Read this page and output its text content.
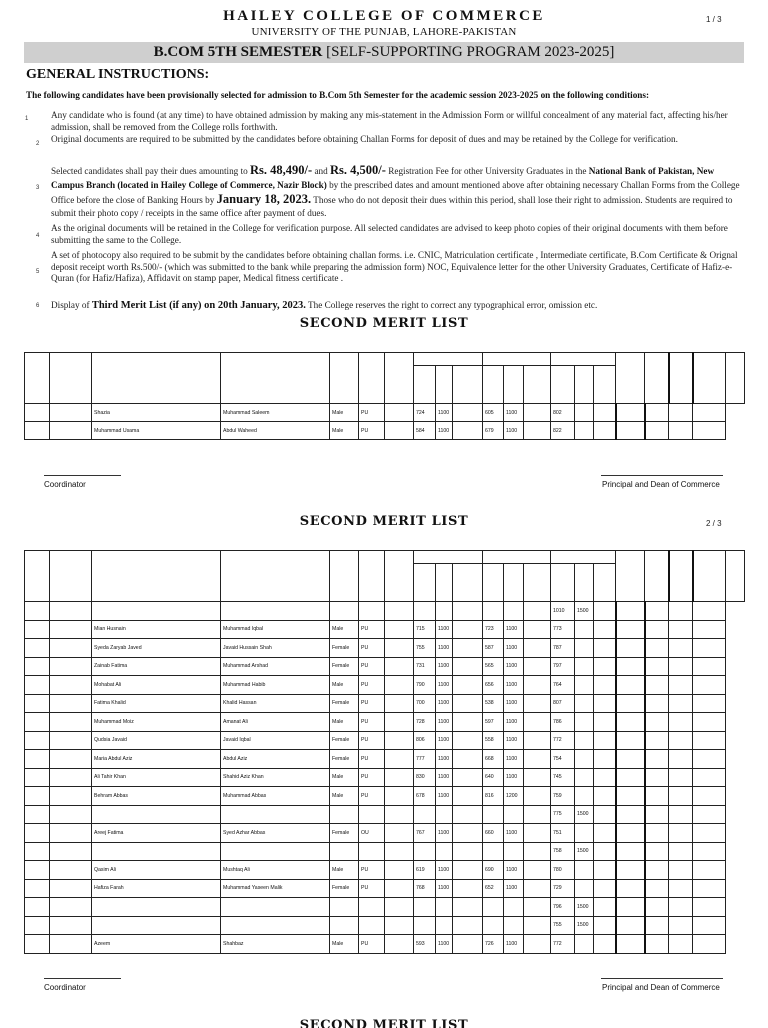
HAILEY COLLEGE OF COMMERCE	1 / 3
UNIVERSITY OF THE PUNJAB, LAHORE-PAKISTAN
B.COM 5TH SEMESTER [SELF-SUPPORTING PROGRAM 2023-2025]
GENERAL INSTRUCTIONS:
The following candidates have been provisionally selected for admission to B.Com 5th Semester for the academic session 2023-2025 on the following conditions:
1 Any candidate who is found (at any time) to have obtained admission by making any mis-statement in the Admission Form or willful concealment of any material fact, affecting his/her admission, shall be removed from the College rolls forthwith.
2 Original documents are required to be submitted by the candidates before obtaining Challan Forms for deposit of dues and may be retained by the College for verification.
3
Selected candidates shall pay their dues amounting to Rs. 48,490/- and Rs. 4,500/- Registration Fee for other University Graduates in the National Bank of Pakistan, New Campus Branch (located in Hailey College of Commerce, Nazir Block) by the prescribed dates and amount mentioned above after obtaining necessary Challan Forms from the College Office before the close of Banking Hours by January 18, 2023. Those who do not deposit their dues within this period, shall lose their right to admission. Students are required to submit their photo copy / receipts in the same office after payment of dues.
4
As the original documents will be retained in the College for verification purpose. All selected candidates are advised to keep photo copies of their original documents with them before submitting the same to the College.
5
A set of photocopy also required to be submit by the candidates before obtaining challan forms. i.e. CNIC, Matriculation certificate , Intermediate certificate, B.Com Certificate & Orignal deposit receipt worth Rs.500/- (which was submitted to the bank while preparing the admission form) NOC, Equivalence letter for the other University Graduates, Certificate of Hafiz-e-Quran (for Hafiz/Hafiza), Affidavit on stamp paper, Medical fitness certificate .
6 Display of Third Merit List (if any) on 20th January, 2023. The College reserves the right to correct any typographical error, omission etc.
SECOND MERIT LIST

		Shazia	Muhammad Saleem	Male	PU		724	1100		605	1100		802							
		Muhammad Usama	Abdul Waheed	Male	PU		584	1100		679	1100		822							
Coordinator	Principal and Dean of Commerce
SECOND MERIT LIST	2 / 3

													1010	1500						
		Mian Husnain	Muhammad Iqbal	Male	PU		715	1100		723	1100		773							
		Syeda Zaryab Javed	Javaid Hussain Shah	Female	PU		755	1100		587	1100		787							
		Zainab Fatima	Muhammad Arshad	Female	PU		731	1100		565	1100		797							
		Mohabat Ali	Muhammad Habib	Male	PU		790	1100		656	1100		764							
		Fatima Khalid	Khalid Hassan	Female	PU		700	1100		538	1100		807							
		Muhammad Moiz	Amanat Ali	Male	PU		728	1100		597	1100		786							
		Qudsia Javaid	Javaid Iqbal	Female	PU		806	1100		558	1100		772							
		Maria Abdul Aziz	Abdul Aziz	Female	PU		777	1100		668	1100		754							
		Ali Tahir Khan	Shahid Aziz Khan	Male	PU		830	1100		640	1100		745							
		Behram Abbas	Muhammad Abbas	Male	PU		678	1100		816	1200		759							
													775	1500						
		Areej Fatima	Syed Azhar Abbas	Female	OU		767	1100		660	1100		751							
													758	1500						
		Qasim Ali	Mushtaq Ali	Male	PU		619	1100		690	1100		780							
		Hafiza Farah	Muhammad Yaseen Malik	Female	PU		768	1100		652	1100		729							
													796	1500						
													755	1500						
		Azeem	Shahbaz	Male	PU		593	1100		726	1100		772							
Coordinator	Principal and Dean of Commerce
SECOND MERIT LIST
